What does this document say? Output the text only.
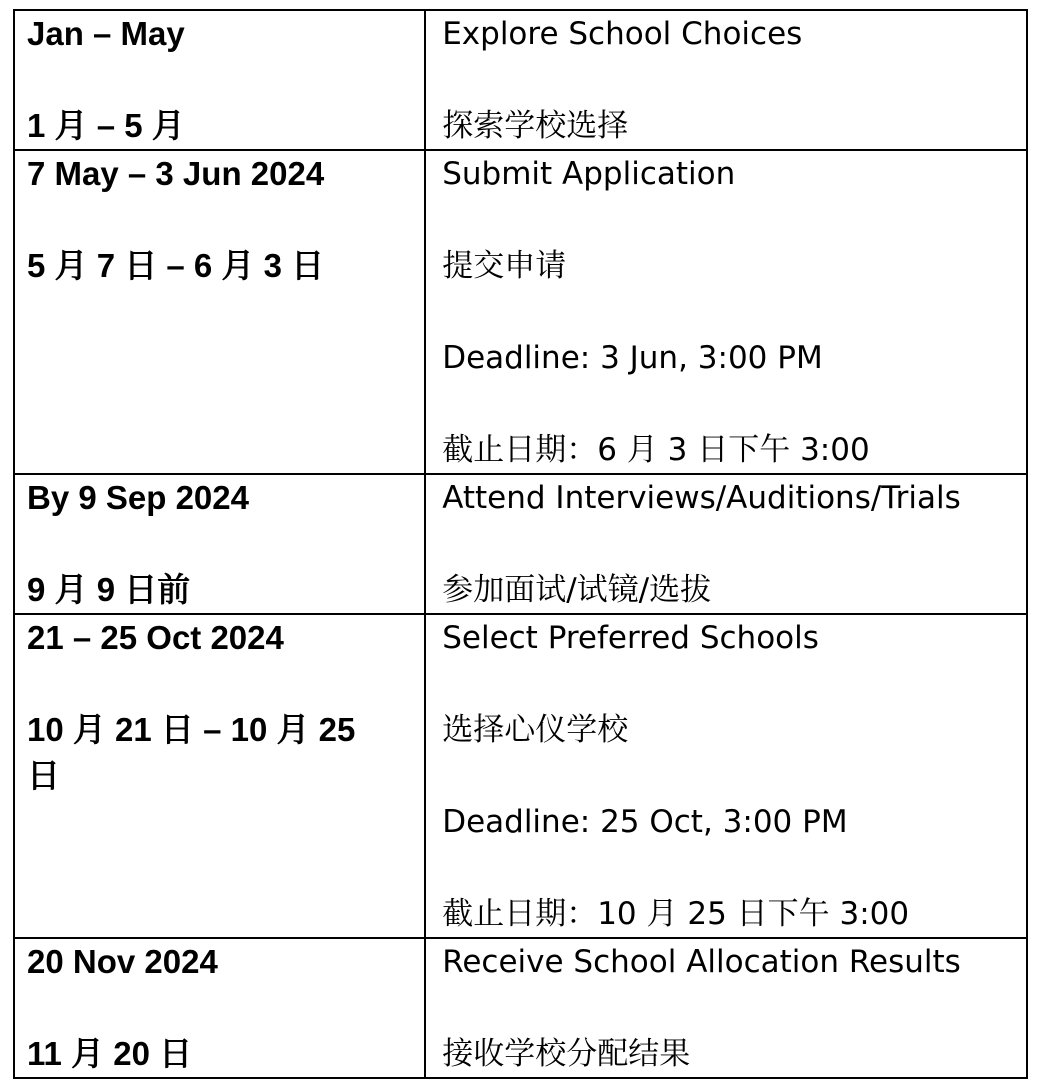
Jan – May
1 月 – 5 月	Explore School Choices
探索学校选择

7 May – 3 Jun 2024
5 月 7 日 – 6 月 3 日	Submit Application
提交申请
Deadline: 3 Jun, 3:00 PM
截止日期：6 月 3 日下午 3:00

By 9 Sep 2024
9 月 9 日前	Attend Interviews/Auditions/Trials
参加面试/试镜/选拔

21 – 25 Oct 2024
10 月 21 日 – 10 月 25 日	Select Preferred Schools
选择心仪学校
Deadline: 25 Oct, 3:00 PM
截止日期：10 月 25 日下午 3:00

20 Nov 2024
11 月 20 日	Receive School Allocation Results
接收学校分配结果
